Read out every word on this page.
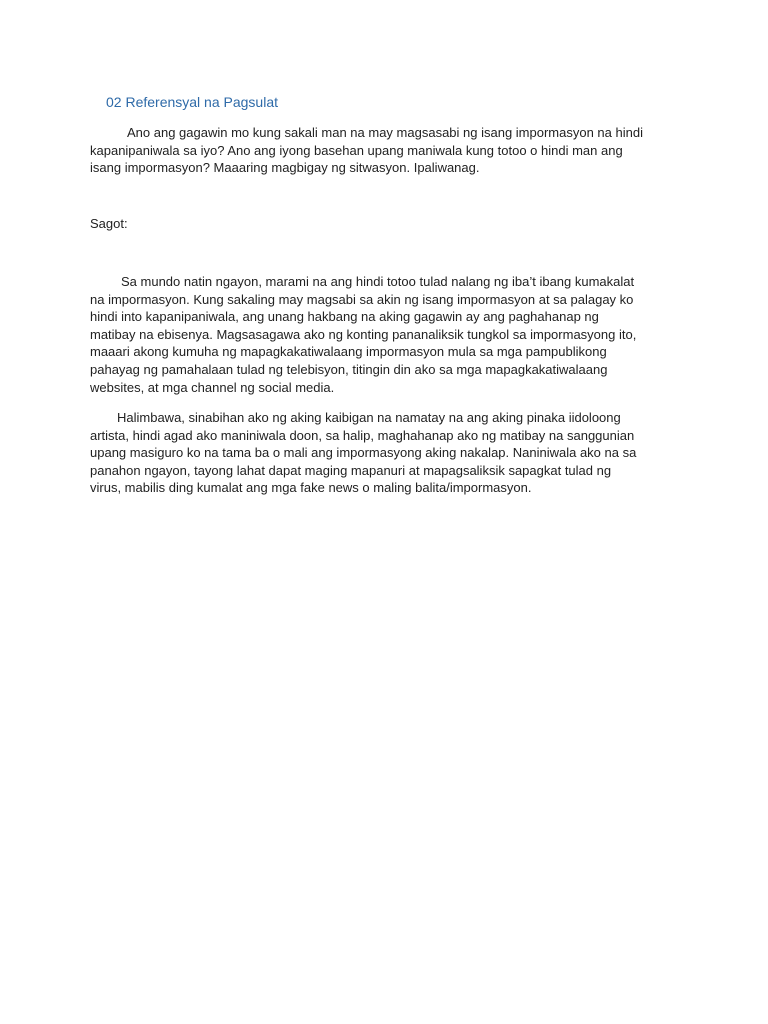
02 Referensyal na Pagsulat
Ano ang gagawin mo kung sakali man na may magsasabi ng isang impormasyon na hindi
kapanipaniwala sa iyo? Ano ang iyong basehan upang maniwala kung totoo o hindi man ang
isang impormasyon? Maaaring magbigay ng sitwasyon. Ipaliwanag.
Sagot:
Sa mundo natin ngayon, marami na ang hindi totoo tulad nalang ng iba’t ibang kumakalat
na impormasyon. Kung sakaling may magsabi sa akin ng isang impormasyon at sa palagay ko
hindi into kapanipaniwala, ang unang hakbang na aking gagawin ay ang paghahanap ng
matibay na ebisenya. Magsasagawa ako ng konting pananaliksik tungkol sa impormasyong ito,
maaari akong kumuha ng mapagkakatiwalaang impormasyon mula sa mga pampublikong
pahayag ng pamahalaan tulad ng telebisyon, titingin din ako sa mga mapagkakatiwalaang
websites, at mga channel ng social media.
Halimbawa, sinabihan ako ng aking kaibigan na namatay na ang aking pinaka iidoloong
artista, hindi agad ako maniniwala doon, sa halip, maghahanap ako ng matibay na sanggunian
upang masiguro ko na tama ba o mali ang impormasyong aking nakalap. Naniniwala ako na sa
panahon ngayon, tayong lahat dapat maging mapanuri at mapagsaliksik sapagkat tulad ng
virus, mabilis ding kumalat ang mga fake news o maling balita/impormasyon.
